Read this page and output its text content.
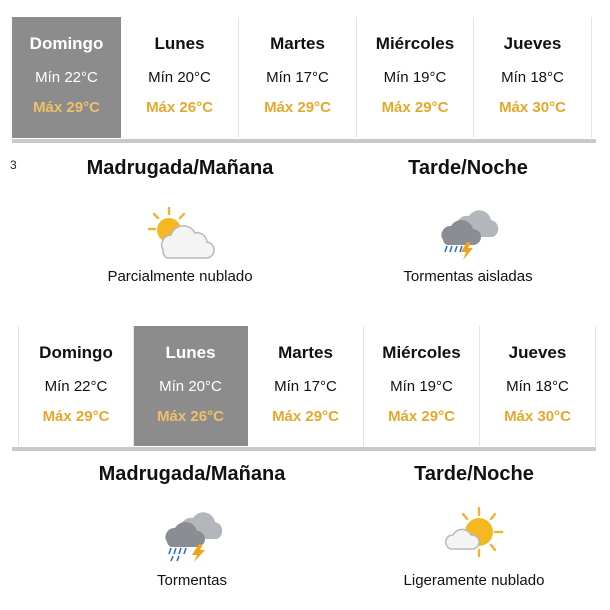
Domingo
Mín 22°C
Máx 29°C
Lunes
Mín 20°C
Máx 26°C
Martes
Mín 17°C
Máx 29°C
Miércoles
Mín 19°C
Máx 29°C
Jueves
Mín 18°C
Máx 30°C
3	Madrugada/Mañana
Parcialmente nublado
Tarde/Noche
Tormentas aisladas
Domingo
Mín 22°C
Máx 29°C
Lunes
Mín 20°C
Máx 26°C
Martes
Mín 17°C
Máx 29°C
Miércoles
Mín 19°C
Máx 29°C
Jueves
Mín 18°C
Máx 30°C
Madrugada/Mañana
Tormentas
Tarde/Noche
Ligeramente nublado
